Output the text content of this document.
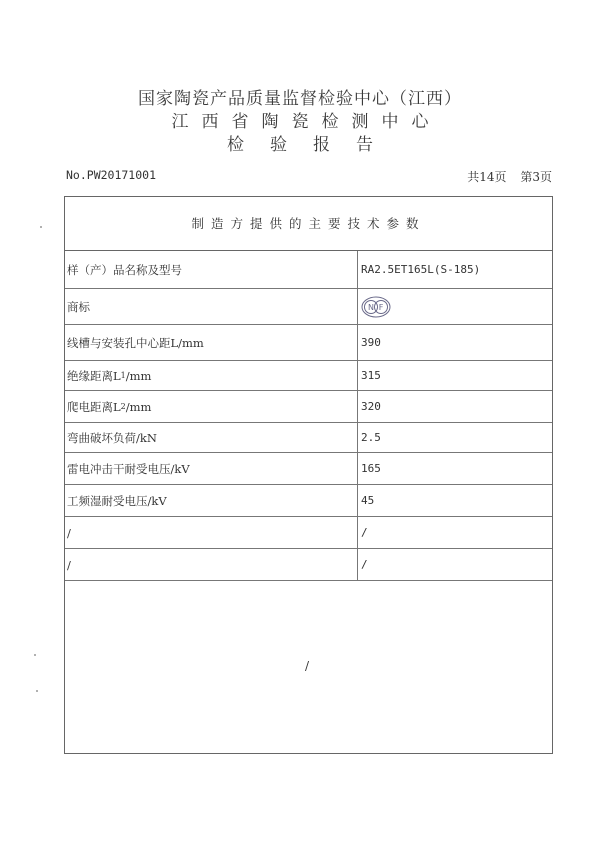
国家陶瓷产品质量监督检验中心（江西）
江西省陶瓷检测中心
检验报告
No.PW20171001	共14页 第3页
制造方提供的主要技术参数
样（产）品名称及型号	RA2.5ET165L(S-185)
商标	N F
线槽与安装孔中心距L/mm	390
绝缘距离L 1 /mm	315
爬电距离L 2 /mm	320
弯曲破坏负荷/kN	2.5
雷电冲击干耐受电压/kV	165
工频湿耐受电压/kV	45
/	/
/	/
/
